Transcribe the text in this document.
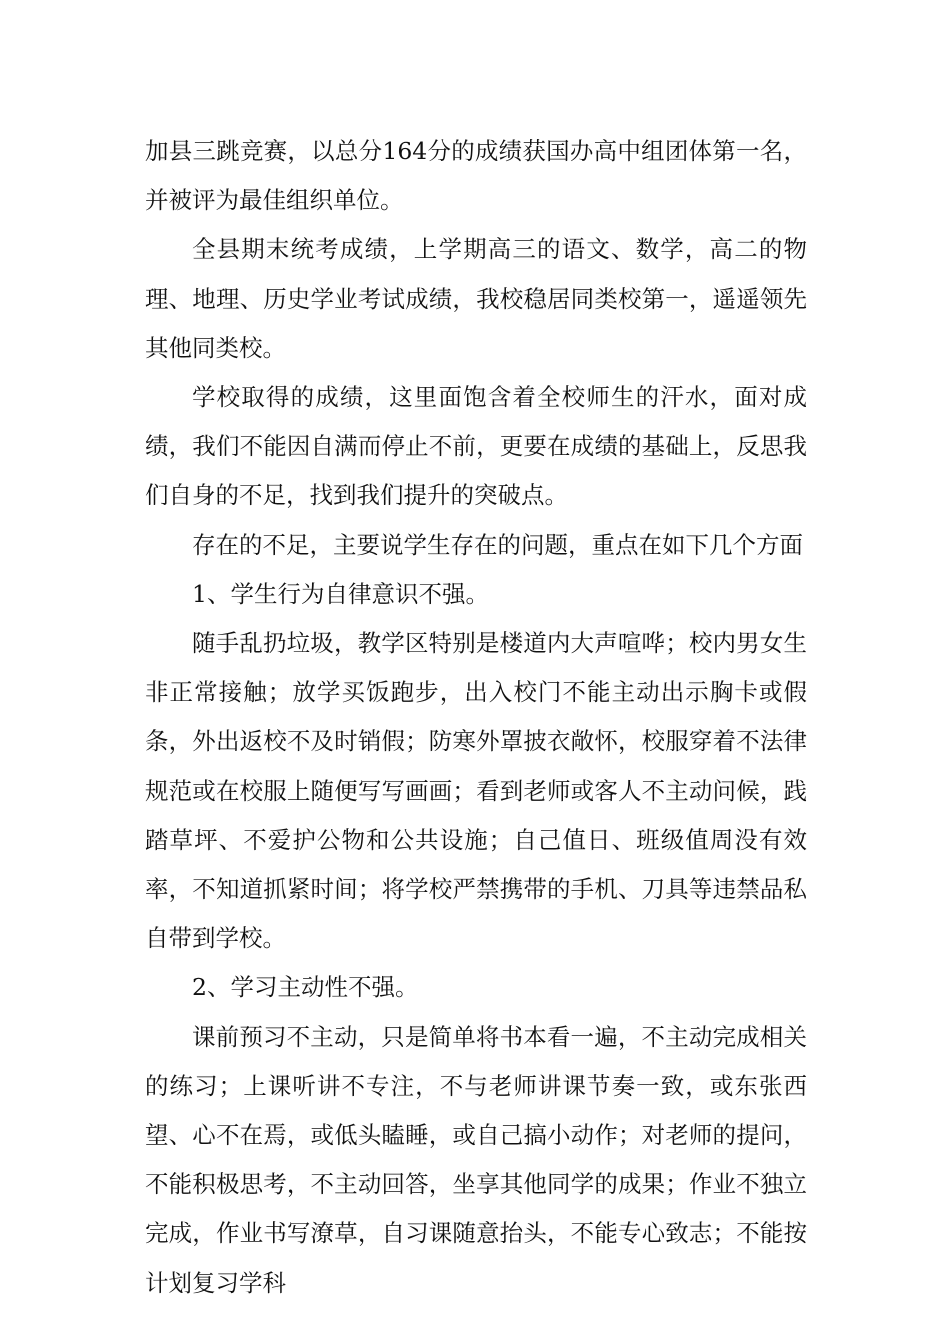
加县三跳竞赛，以总分164分的成绩获国办高中组团体第一名，并被评为最佳组织单位。

全县期末统考成绩，上学期高三的语文、数学，高二的物理、地理、历史学业考试成绩，我校稳居同类校第一，遥遥领先其他同类校。

学校取得的成绩，这里面饱含着全校师生的汗水，面对成绩，我们不能因自满而停止不前，更要在成绩的基础上，反思我们自身的不足，找到我们提升的突破点。

存在的不足，主要说学生存在的问题，重点在如下几个方面

1、学生行为自律意识不强。

随手乱扔垃圾，教学区特别是楼道内大声喧哗；校内男女生非正常接触；放学买饭跑步，出入校门不能主动出示胸卡或假条，外出返校不及时销假；防寒外罩披衣敞怀，校服穿着不法律规范或在校服上随便写写画画；看到老师或客人不主动问候，践踏草坪、不爱护公物和公共设施；自己值日、班级值周没有效率，不知道抓紧时间；将学校严禁携带的手机、刀具等违禁品私自带到学校。

2、学习主动性不强。

课前预习不主动，只是简单将书本看一遍，不主动完成相关的练习；上课听讲不专注，不与老师讲课节奏一致，或东张西望、心不在焉，或低头瞌睡，或自己搞小动作；对老师的提问，不能积极思考，不主动回答，坐享其他同学的成果；作业不独立完成，作业书写潦草，自习课随意抬头，不能专心致志；不能按计划复习学科
